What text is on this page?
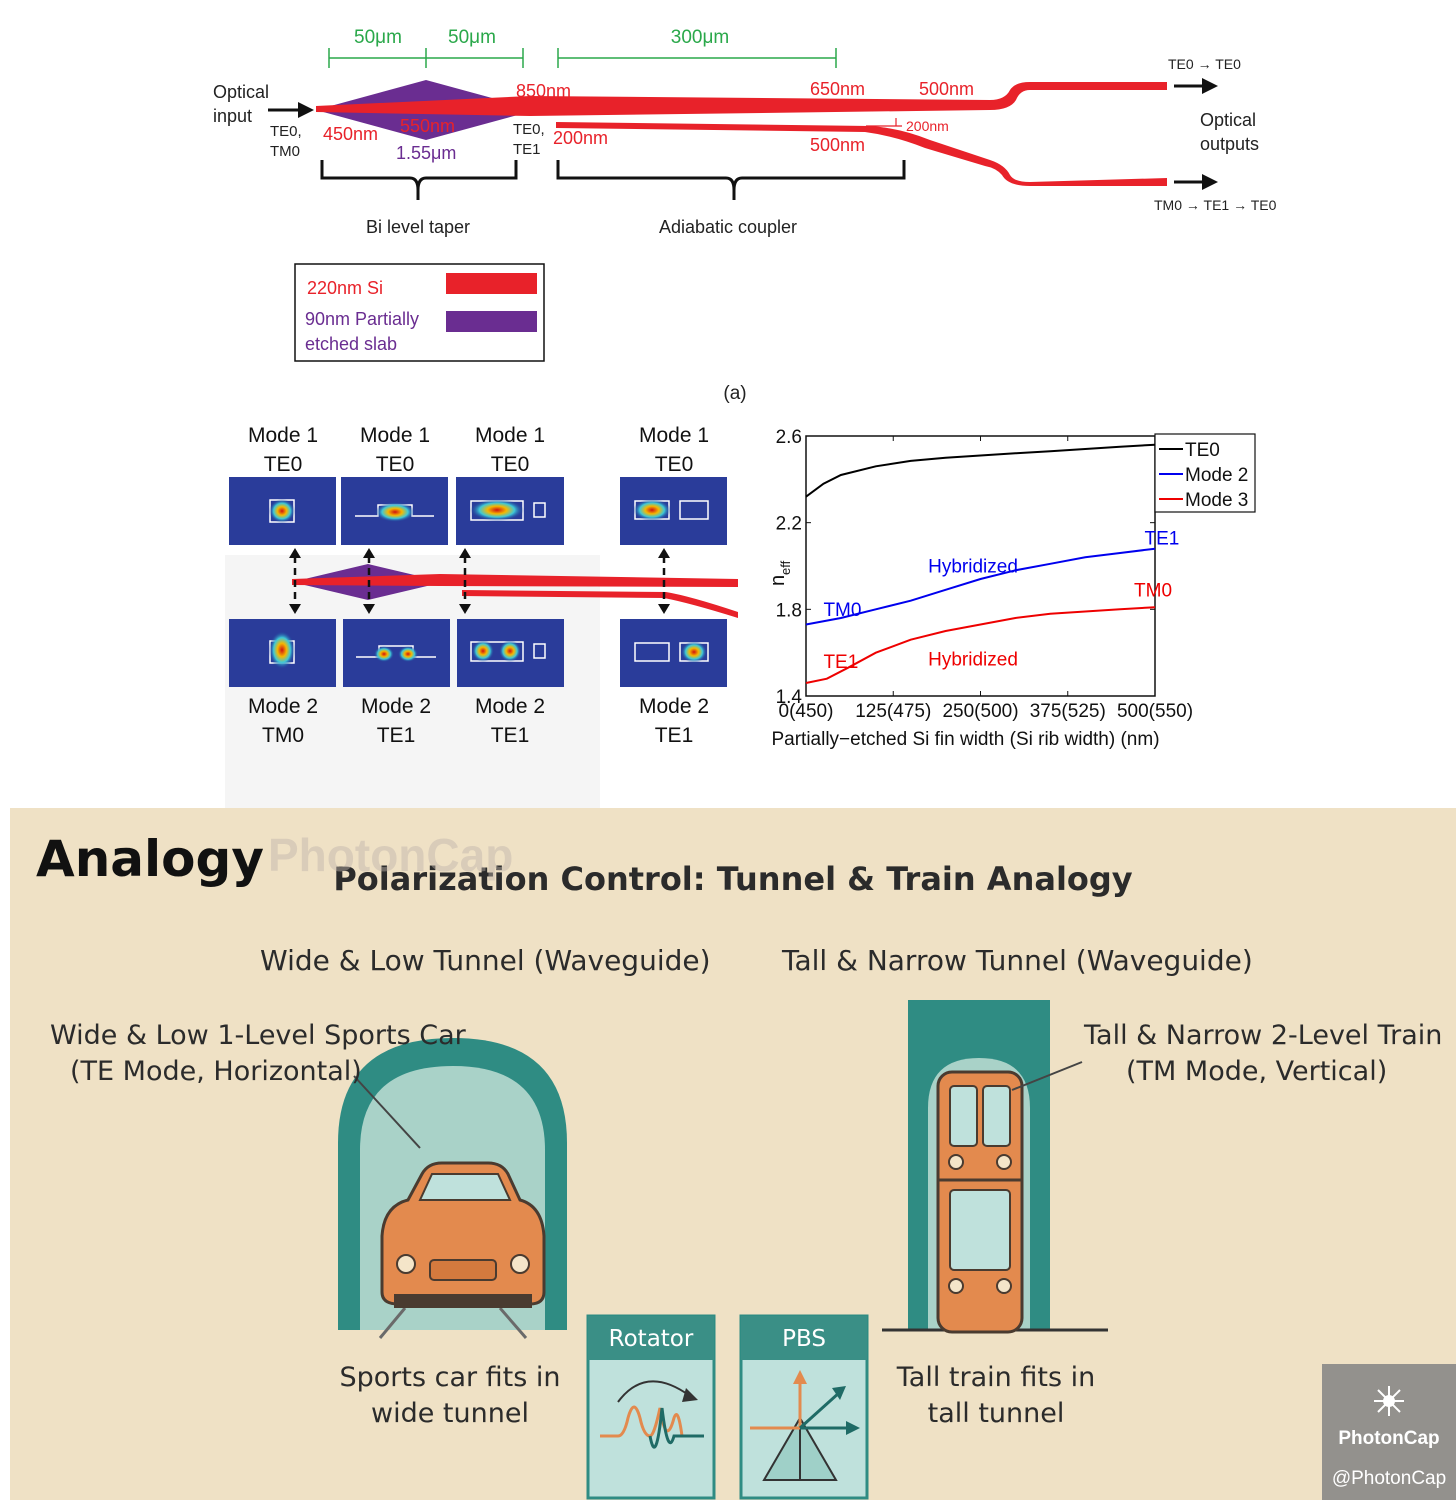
50μm 50μm	300μm
Optical
input
TE0,
TM0
TE0,
TE1
850nm
450nm 550nm
1.55μm
200nm
650nm	500nm
500nm
200nm
TE0 → TE0
TM0 → TE1 → TE0
Optical
outputs
Bi level taper	Adiabatic coupler
220nm Si
90nm Partially
etched slab
(a)
Mode 1
TE0
Mode 1
TE0
Mode 1
TE0
Mode 1
TE0
Mode 2
TM0
Mode 2
TE1
Mode 2
TE1
Mode 2
TE1
0(450) 125(475) 250(500) 375(525) 500(550)
1.4
1.8
2.2
2.6
Partially−etched Si fin width (Si rib width) (nm)
n
eff
TE1
Hybridized
TM0
TM0
TE1	Hybridized
TE0
Mode 2
Mode 3
Analogy	Polarization Control: Tunnel & Train Analogy
Wide & Low Tunnel (Waveguide)	Tall & Narrow Tunnel (Waveguide)
Wide & Low 1-Level Sports Car
(TE Mode, Horizontal)
Tall & Narrow 2-Level Train
(TM Mode, Vertical)
Sports car fits in
wide tunnel
Tall train fits in
tall tunnel
Rotator	PBS
PhotonCap
PhotonCap
@PhotonCap
